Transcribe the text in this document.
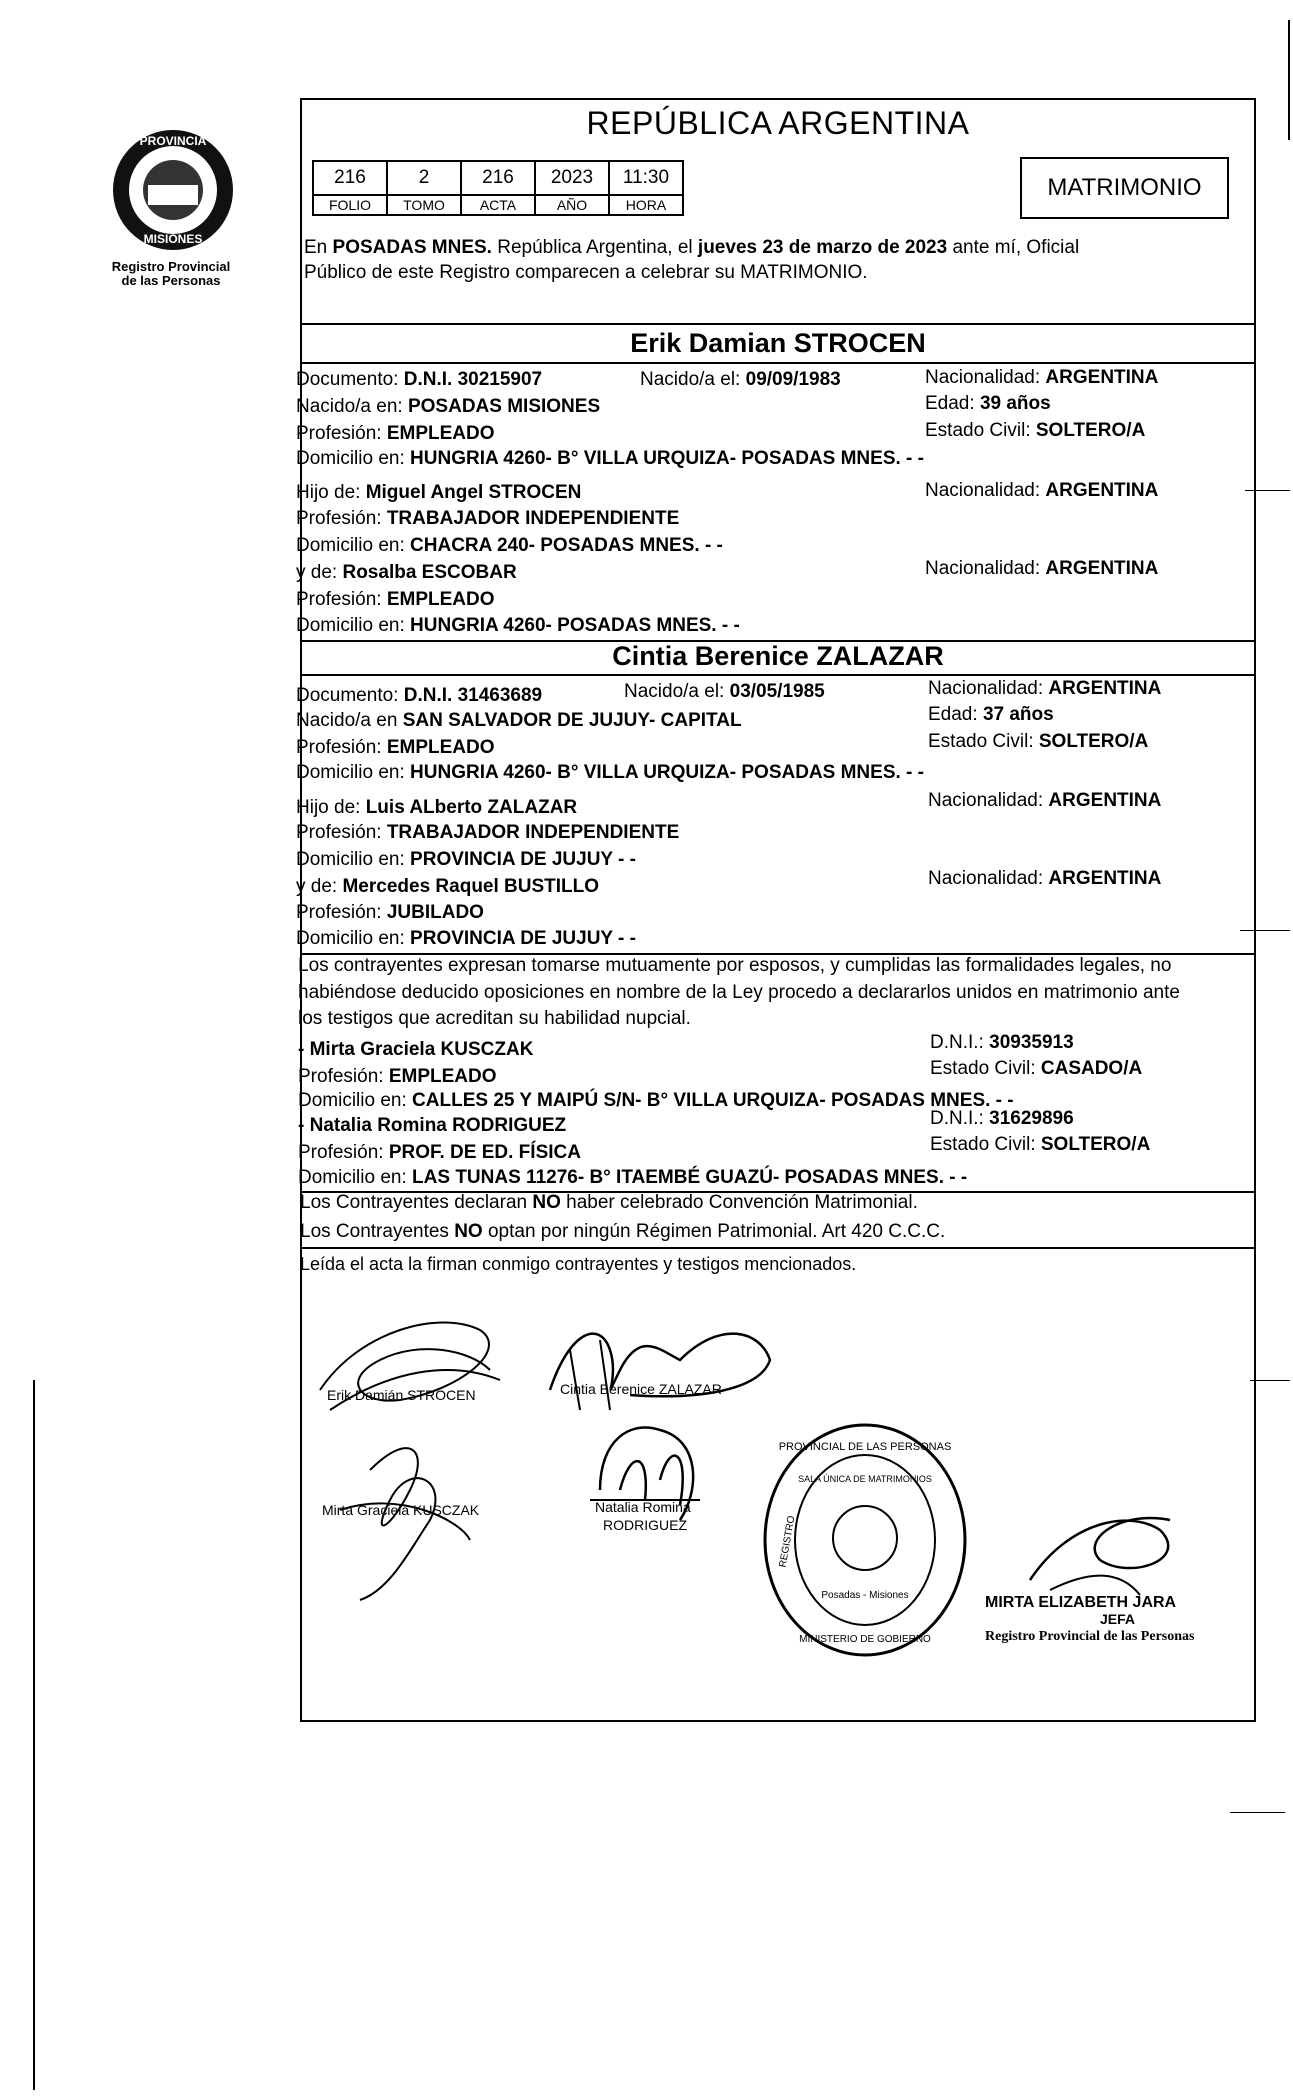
PROVINCIA
MISIONES
Registro Provincial
de las Personas
REPÚBLICA ARGENTINA
216	2	216	2023	11:30
FOLIO	TOMO	ACTA	AÑO	HORA
MATRIMONIO
En POSADAS MNES. República Argentina, el jueves 23 de marzo de 2023 ante mí, Oficial
Público de este Registro comparecen a celebrar su MATRIMONIO.
Erik Damian STROCEN
Documento: D.N.I. 30215907	Nacido/a el: 09/09/1983	Nacionalidad: ARGENTINA
Nacido/a en: POSADAS MISIONES	Edad: 39 años
Profesión: EMPLEADO	Estado Civil: SOLTERO/A
Domicilio en: HUNGRIA 4260- B° VILLA URQUIZA- POSADAS MNES. - -
Hijo de: Miguel Angel STROCEN	Nacionalidad: ARGENTINA
Profesión: TRABAJADOR INDEPENDIENTE
Domicilio en: CHACRA 240- POSADAS MNES. - -
y de: Rosalba ESCOBAR	Nacionalidad: ARGENTINA
Profesión: EMPLEADO
Domicilio en: HUNGRIA 4260- POSADAS MNES. - -
Cintia Berenice ZALAZAR
Documento: D.N.I. 31463689	Nacido/a el: 03/05/1985	Nacionalidad: ARGENTINA
Nacido/a en SAN SALVADOR DE JUJUY- CAPITAL	Edad: 37 años
Profesión: EMPLEADO	Estado Civil: SOLTERO/A
Domicilio en: HUNGRIA 4260- B° VILLA URQUIZA- POSADAS MNES. - -
Hijo de: Luis ALberto ZALAZAR	Nacionalidad: ARGENTINA
Profesión: TRABAJADOR INDEPENDIENTE
Domicilio en: PROVINCIA DE JUJUY - -
y de: Mercedes Raquel BUSTILLO	Nacionalidad: ARGENTINA
Profesión: JUBILADO
Domicilio en: PROVINCIA DE JUJUY - -
Los contrayentes expresan tomarse mutuamente por esposos, y cumplidas las formalidades legales, no
habiéndose deducido oposiciones en nombre de la Ley procedo a declararlos unidos en matrimonio ante
los testigos que acreditan su habilidad nupcial.
- Mirta Graciela KUSCZAK	D.N.I.: 30935913
Profesión: EMPLEADO	Estado Civil: CASADO/A
Domicilio en: CALLES 25 Y MAIPÚ S/N- B° VILLA URQUIZA- POSADAS MNES. - -
- Natalia Romina RODRIGUEZ	D.N.I.: 31629896
Profesión: PROF. DE ED. FÍSICA	Estado Civil: SOLTERO/A
Domicilio en: LAS TUNAS 11276- B° ITAEMBÉ GUAZÚ- POSADAS MNES. - -
Los Contrayentes declaran NO haber celebrado Convención Matrimonial.
Los Contrayentes NO optan por ningún Régimen Patrimonial. Art 420 C.C.C.
Leída el acta la firman conmigo contrayentes y testigos mencionados.
Erik Damián STROCEN	Cintia Berenice ZALAZAR
Mirta Graciela KUSCZAK	Natalia Romina
RODRIGUEZ
PROVINCIAL DE LAS PERSONAS
REGISTRO
SALA ÚNICA DE MATRIMONIOS
Posadas - Misiones
MINISTERIO DE GOBIERNO
MIRTA ELIZABETH JARA
JEFA
Registro Provincial de las Personas
